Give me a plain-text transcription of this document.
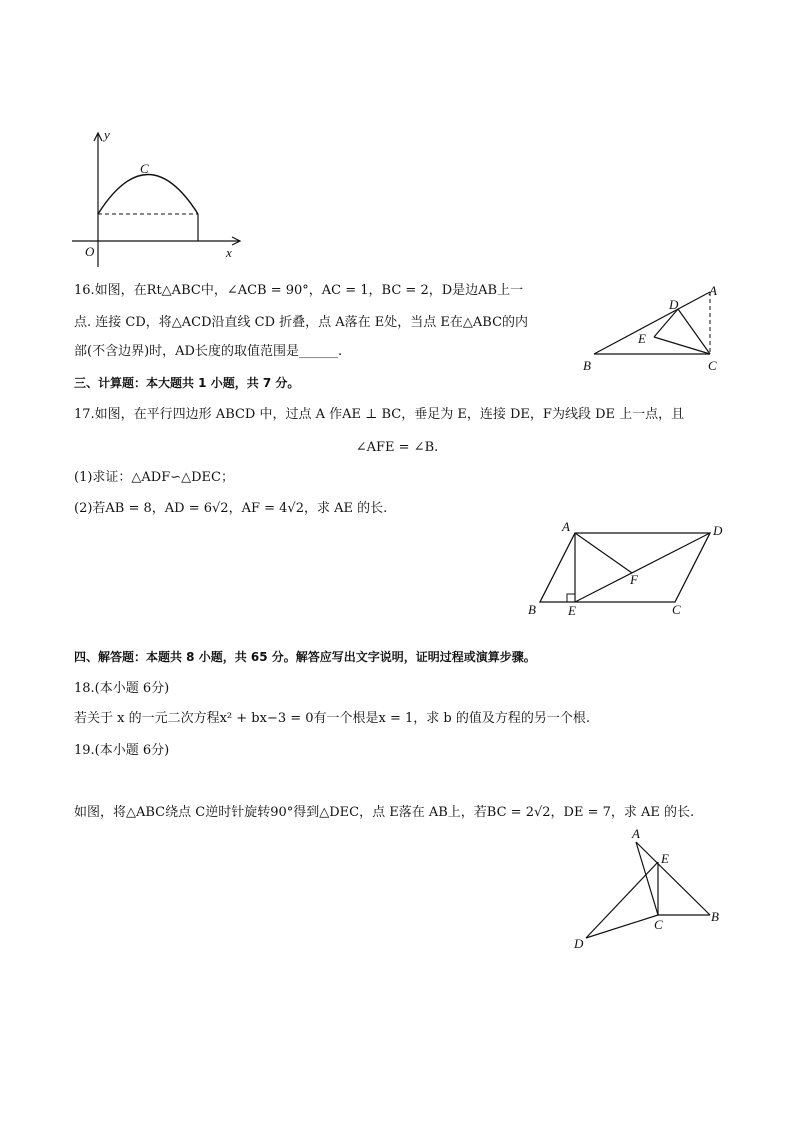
y
x
O
C
16.如图，在Rt△ABC中，∠ACB = 90°，AC = 1，BC = 2，D是边AB上一
点. 连接 CD，将△ACD沿直线 CD 折叠，点 A落在 E处，当点 E在△ABC的内
部(不含边界)时，AD长度的取值范围是______.
A
D
E
B	C
三、计算题：本大题共 1 小题，共 7 分。
17.如图，在平行四边形 ABCD 中，过点 A 作AE ⊥ BC，垂足为 E，连接 DE，F为线段 DE 上一点，且
∠AFE = ∠B.
(1)求证：△ADF∽△DEC；
(2)若AB = 8，AD = 6√2，AF = 4√2，求 AE 的长.
A	D
F
B E	C
四、解答题：本题共 8 小题，共 65 分。解答应写出文字说明，证明过程或演算步骤。
18.(本小题 6分)
若关于 x 的一元二次方程x² + bx−3 = 0有一个根是x = 1，求 b 的值及方程的另一个根.
19.(本小题 6分)
如图，将△ABC绕点 C逆时针旋转90°得到△DEC，点 E落在 AB上，若BC = 2√2，DE = 7，求 AE 的长.
A
E
B
C
D
